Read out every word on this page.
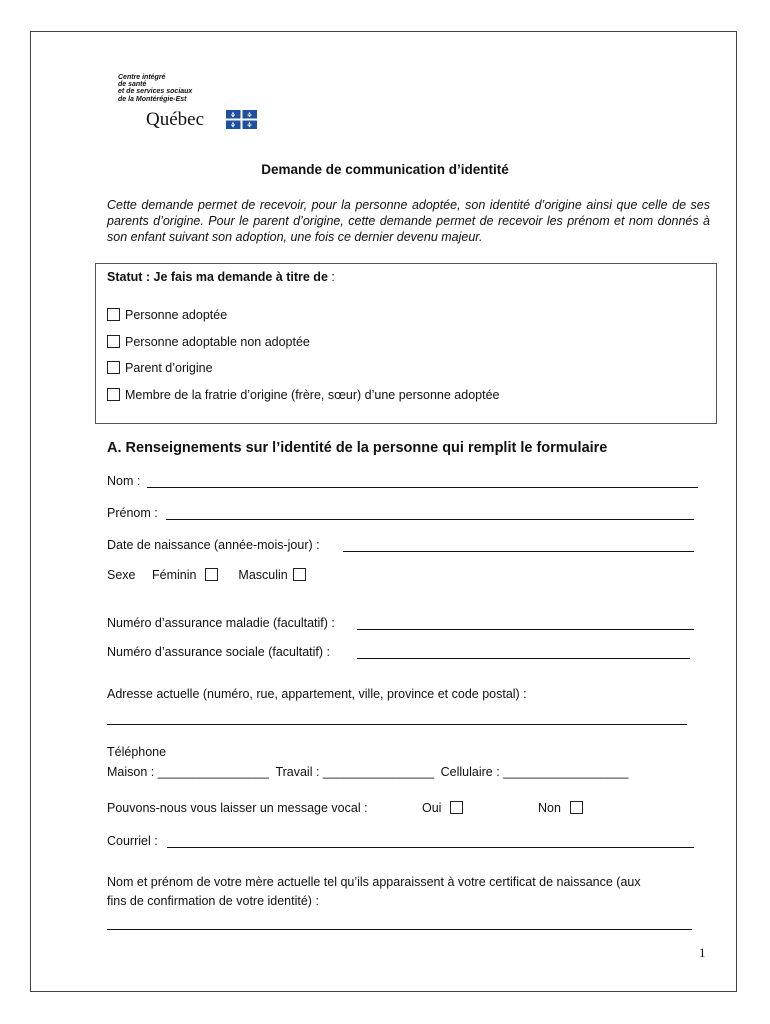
Centre intégré
de santé
et de services sociaux
de la Montérégie-Est
Québec
Demande de communication d’identité
Cette demande permet de recevoir, pour la personne adoptée, son identité d’origine ainsi que celle de ses parents d’origine. Pour le parent d’origine, cette demande permet de recevoir les prénom et nom donnés à son enfant suivant son adoption, une fois ce dernier devenu majeur.
Statut : Je fais ma demande à titre de :
Personne adoptée
Personne adoptable non adoptée
Parent d’origine
Membre de la fratrie d’origine (frère, sœur) d’une personne adoptée
A. Renseignements sur l’identité de la personne qui remplit le formulaire
Nom :
Prénom :
Date de naissance (année-mois-jour) :
Sexe Féminin	Masculin
Numéro d’assurance maladie (facultatif) :
Numéro d’assurance sociale (facultatif) :
Adresse actuelle (numéro, rue, appartement, ville, province et code postal) :
Téléphone
Maison : ________________ Travail : ________________ Cellulaire : __________________
Pouvons-nous vous laisser un message vocal :	Oui	Non
Courriel :
Nom et prénom de votre mère actuelle tel qu’ils apparaissent à votre certificat de naissance (aux
fins de confirmation de votre identité) :
1
